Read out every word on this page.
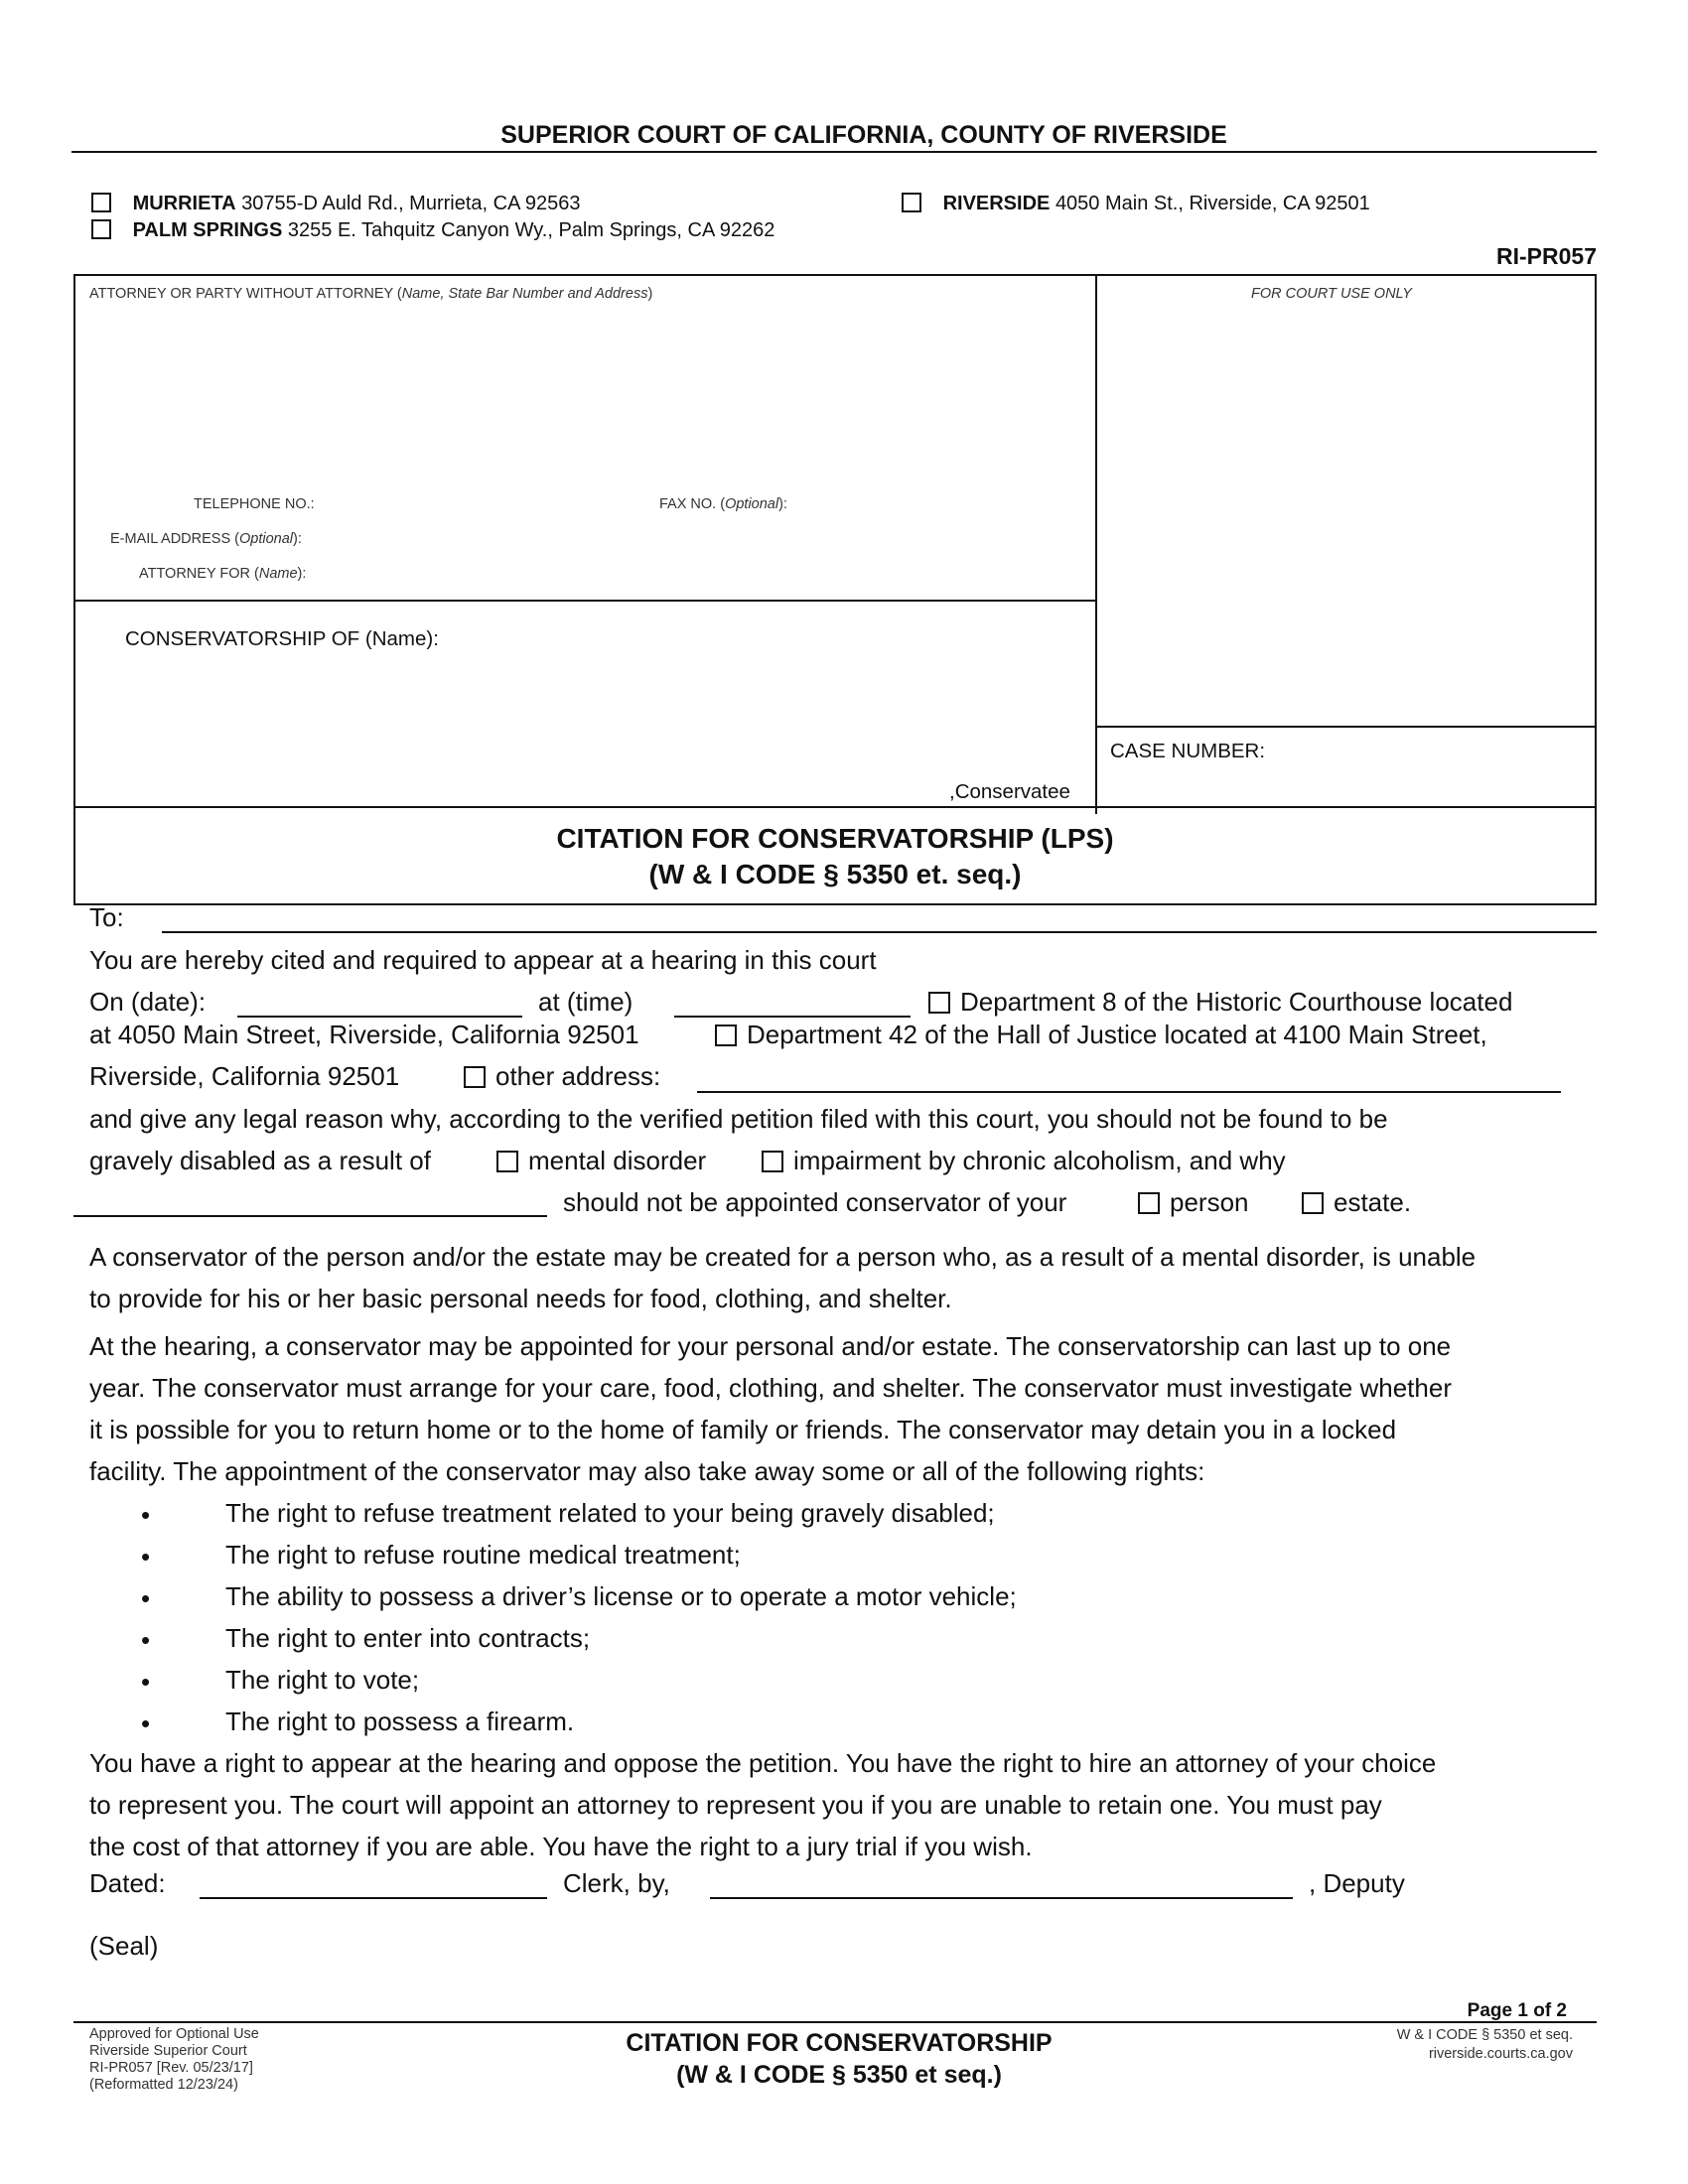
SUPERIOR COURT OF CALIFORNIA, COUNTY OF RIVERSIDE
MURRIETA 30755-D Auld Rd., Murrieta, CA 92563
PALM SPRINGS 3255 E. Tahquitz Canyon Wy., Palm Springs, CA 92262
RIVERSIDE 4050 Main St., Riverside, CA 92501
RI-PR057
ATTORNEY OR PARTY WITHOUT ATTORNEY (Name, State Bar Number and Address)
TELEPHONE NO.:	FAX NO. (Optional):
E-MAIL ADDRESS (Optional):
ATTORNEY FOR (Name):
FOR COURT USE ONLY
CONSERVATORSHIP OF (Name):
,Conservatee
CASE NUMBER:
CITATION FOR CONSERVATORSHIP (LPS)
(W & I CODE § 5350 et. seq.)
To:
You are hereby cited and required to appear at a hearing in this court
On (date):	at (time)	Department 8 of the Historic Courthouse located
at 4050 Main Street, Riverside, California 92501	Department 42 of the Hall of Justice located at 4100 Main Street,
Riverside, California 92501	other address:
and give any legal reason why, according to the verified petition filed with this court, you should not be found to be
gravely disabled as a result of	mental disorder	impairment by chronic alcoholism, and why
should not be appointed conservator of your	person	estate.
A conservator of the person and/or the estate may be created for a person who, as a result of a mental disorder, is unable
to provide for his or her basic personal needs for food, clothing, and shelter.
At the hearing, a conservator may be appointed for your personal and/or estate. The conservatorship can last up to one
year. The conservator must arrange for your care, food, clothing, and shelter. The conservator must investigate whether
it is possible for you to return home or to the home of family or friends. The conservator may detain you in a locked
facility. The appointment of the conservator may also take away some or all of the following rights:
•	The right to refuse treatment related to your being gravely disabled;
•	The right to refuse routine medical treatment;
•	The ability to possess a driver’s license or to operate a motor vehicle;
•	The right to enter into contracts;
•	The right to vote;
•	The right to possess a firearm.
You have a right to appear at the hearing and oppose the petition. You have the right to hire an attorney of your choice
to represent you. The court will appoint an attorney to represent you if you are unable to retain one. You must pay
the cost of that attorney if you are able. You have the right to a jury trial if you wish.
Dated:	Clerk, by,	, Deputy
(Seal)
Page 1 of 2
Approved for Optional Use
Riverside Superior Court
RI-PR057 [Rev. 05/23/17]
(Reformatted 12/23/24)
CITATION FOR CONSERVATORSHIP
(W & I CODE § 5350 et seq.)
W & I CODE § 5350 et seq.
riverside.courts.ca.gov
